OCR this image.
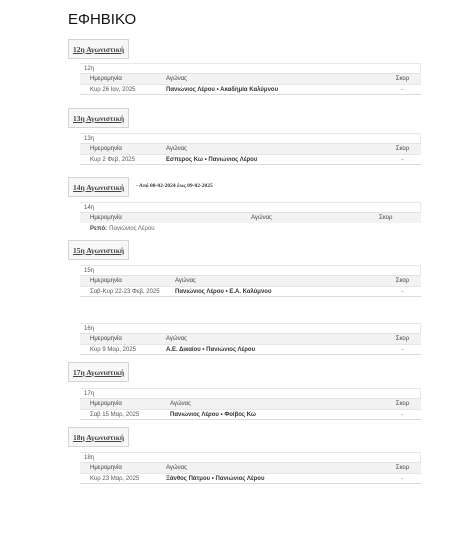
ΕΦΗΒΙΚΟ
12η Αγωνιστική
12η
Ημερομηνία	Αγώνας	Σκορ
Κυρ 26 Ιαν, 2025	Πανιώνιος Λέρου • Ακαδημία Καλύμνου	-
13η Αγωνιστική
13η
Ημερομηνία	Αγώνας	Σκορ
Κυρ 2 Φεβ, 2025	Εσπερος Κω • Πανιώνιος Λέρου	-
14η Αγωνιστική	- Από 08-02-2024 έως 09-02-2025
14η
Ημερομηνία	Αγώνας	Σκορ
Ρεπό: Πανιώνιος Λέρου
15η Αγωνιστική
15η
Ημερομηνία	Αγώνας	Σκορ
Σαβ-Κυρ 22-23 Φεβ, 2025	Πανιώνιος Λέρου • Ε.Α. Καλύμνου	-
16η
Ημερομηνία	Αγώνας	Σκορ
Κυρ 9 Μαρ, 2025	Α.Ε. Δικαίου • Πανιώνιος Λέρου	-
17η Αγωνιστική
17η
Ημερομηνία	Αγώνας	Σκορ
Σαβ 15 Μαρ, 2025	Πανιώνιος Λέρου • Φοίβος Κω	-
18η Αγωνιστική
18η
Ημερομηνία	Αγώνας	Σκορ
Κυρ 23 Μαρ, 2025	Ξάνθος Πάτμου • Πανιώνιος Λέρου	-
